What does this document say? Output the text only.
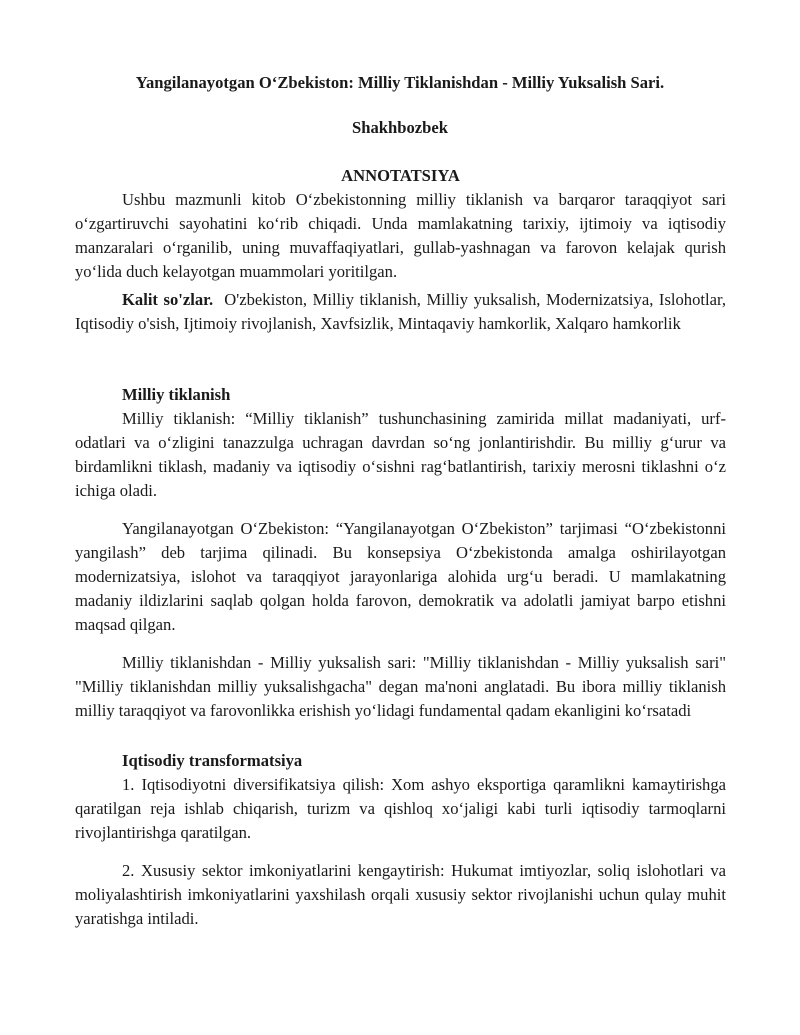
Yangilanayotgan O‘Zbekiston: Milliy Tiklanishdan - Milliy Yuksalish Sari.
Shakhbozbek
ANNOTATSIYA

Ushbu mazmunli kitob O‘zbekistonning milliy tiklanish va barqaror taraqqiyot sari o‘zgartiruvchi sayohatini ko‘rib chiqadi. Unda mamlakatning tarixiy, ijtimoiy va iqtisodiy manzaralari o‘rganilib, uning muvaffaqiyatlari, gullab-yashnagan va farovon kelajak qurish yo‘lida duch kelayotgan muammolari yoritilgan.

Kalit so'zlar. O'zbekiston, Milliy tiklanish, Milliy yuksalish, Modernizatsiya, Islohotlar, Iqtisodiy o'sish, Ijtimoiy rivojlanish, Xavfsizlik, Mintaqaviy hamkorlik, Xalqaro hamkorlik

Milliy tiklanish

Milliy tiklanish: “Milliy tiklanish” tushunchasining zamirida millat madaniyati, urf-odatlari va o‘zligini tanazzulga uchragan davrdan so‘ng jonlantirishdir. Bu milliy g‘urur va birdamlikni tiklash, madaniy va iqtisodiy o‘sishni rag‘batlantirish, tarixiy merosni tiklashni o‘z ichiga oladi.

Yangilanayotgan O‘Zbekiston: “Yangilanayotgan O‘Zbekiston” tarjimasi “O‘zbekistonni yangilash” deb tarjima qilinadi. Bu konsepsiya O‘zbekistonda amalga oshirilayotgan modernizatsiya, islohot va taraqqiyot jarayonlariga alohida urg‘u beradi. U mamlakatning madaniy ildizlarini saqlab qolgan holda farovon, demokratik va adolatli jamiyat barpo etishni maqsad qilgan.

Milliy tiklanishdan - Milliy yuksalish sari: "Milliy tiklanishdan - Milliy yuksalish sari" "Milliy tiklanishdan milliy yuksalishgacha" degan ma'noni anglatadi. Bu ibora milliy tiklanish milliy taraqqiyot va farovonlikka erishish yo‘lidagi fundamental qadam ekanligini ko‘rsatadi

Iqtisodiy transformatsiya

1. Iqtisodiyotni diversifikatsiya qilish: Xom ashyo eksportiga qaramlikni kamaytirishga qaratilgan reja ishlab chiqarish, turizm va qishloq xo‘jaligi kabi turli iqtisodiy tarmoqlarni rivojlantirishga qaratilgan.

2. Xususiy sektor imkoniyatlarini kengaytirish: Hukumat imtiyozlar, soliq islohotlari va moliyalashtirish imkoniyatlarini yaxshilash orqali xususiy sektor rivojlanishi uchun qulay muhit yaratishga intiladi.
